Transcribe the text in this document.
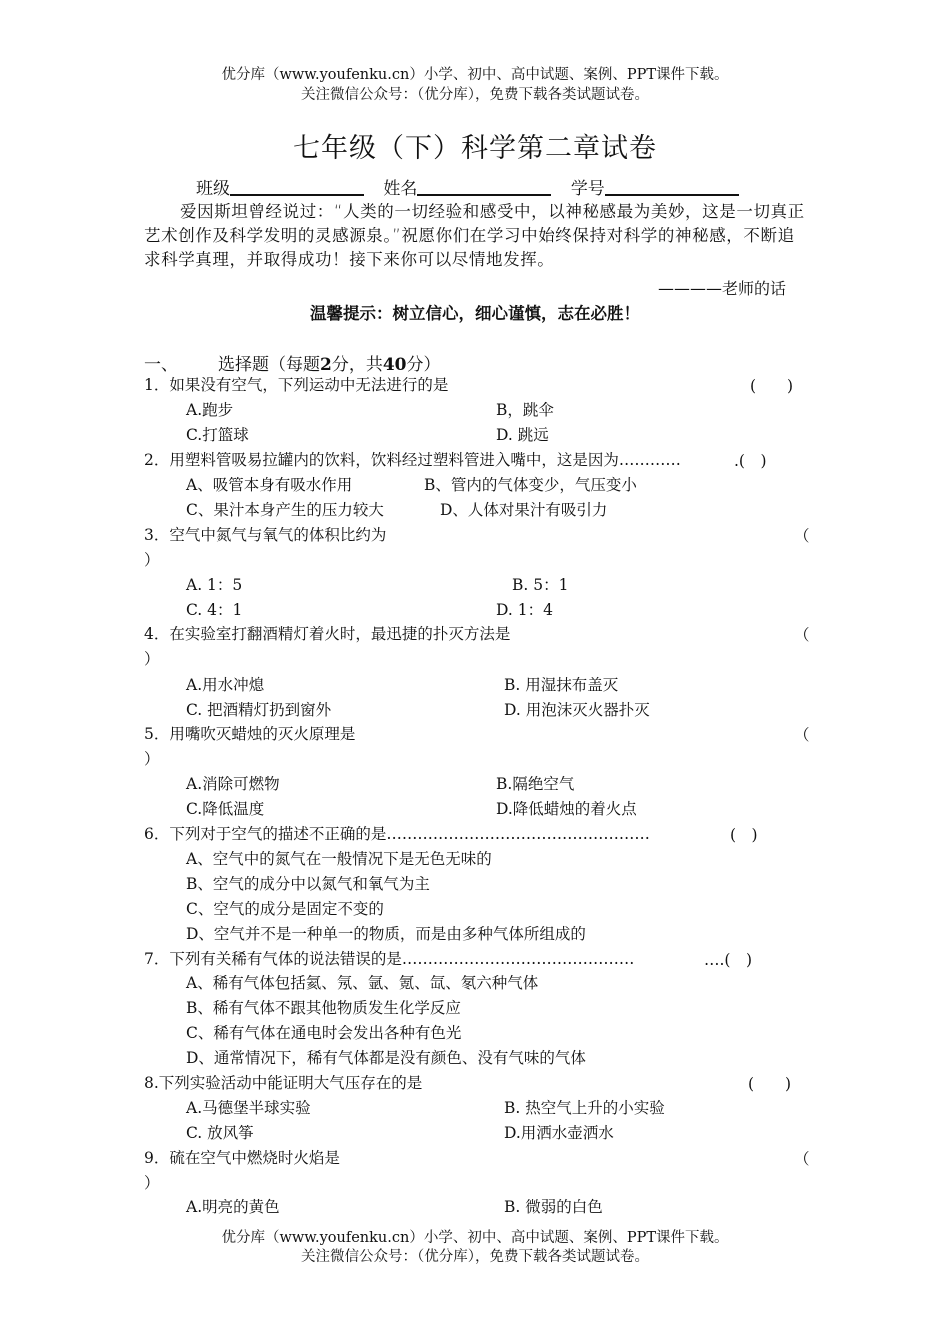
优分库（www.youfenku.cn）小学、初中、高中试题、案例、PPT课件下载。
关注微信公众号：（优分库），免费下载各类试题试卷。
七年级（下）科学第二章试卷
班级	姓名	学号
爱因斯坦曾经说过：“人类的一切经验和感受中，以神秘感最为美妙，这是一切真正艺术创作及科学发明的灵感源泉。”祝愿你们在学习中始终保持对科学的神秘感，不断追求科学真理，并取得成功！接下来你可以尽情地发挥。
————老师的话
温馨提示：树立信心，细心谨慎，志在必胜！
一、 选择题（每题2分，共40分）
1．如果没有空气，下列运动中无法进行的是	(　　)
A.跑步	B，跳伞
C.打篮球	D. 跳远
2．用塑料管吸易拉罐内的饮料，饮料经过塑料管进入嘴中，这是因为…………	.(　)
A、吸管本身有吸水作用	B、管内的气体变少，气压变小
C、果汁本身产生的压力较大	D、人体对果汁有吸引力
3．空气中氮气与氧气的体积比约为	（
）
A. 1：5	B. 5：1
C. 4：1	D. 1：4
4．在实验室打翻酒精灯着火时，最迅捷的扑灭方法是	（
）
A.用水冲熄	B. 用湿抹布盖灭
C. 把酒精灯扔到窗外	D. 用泡沫灭火器扑灭
5．用嘴吹灭蜡烛的灭火原理是	（
）
A.消除可燃物	B.隔绝空气
C.降低温度	D.降低蜡烛的着火点
6．下列对于空气的描述不正确的是……………………………………………	(　)
A、空气中的氮气在一般情况下是无色无味的
B、空气的成分中以氮气和氧气为主
C、空气的成分是固定不变的
D、空气并不是一种单一的物质，而是由多种气体所组成的
7．下列有关稀有气体的说法错误的是………………………………………	….(　)
A、稀有气体包括氦、氖、氩、氪、氙、氡六种气体
B、稀有气体不跟其他物质发生化学反应
C、稀有气体在通电时会发出各种有色光
D、通常情况下，稀有气体都是没有颜色、没有气味的气体
8.下列实验活动中能证明大气压存在的是	(　　)
A.马德堡半球实验	B. 热空气上升的小实验
C. 放风筝	D.用洒水壶洒水
9．硫在空气中燃烧时火焰是	（
）
A.明亮的黄色	B. 微弱的白色
优分库（www.youfenku.cn）小学、初中、高中试题、案例、PPT课件下载。
关注微信公众号：（优分库），免费下载各类试题试卷。
